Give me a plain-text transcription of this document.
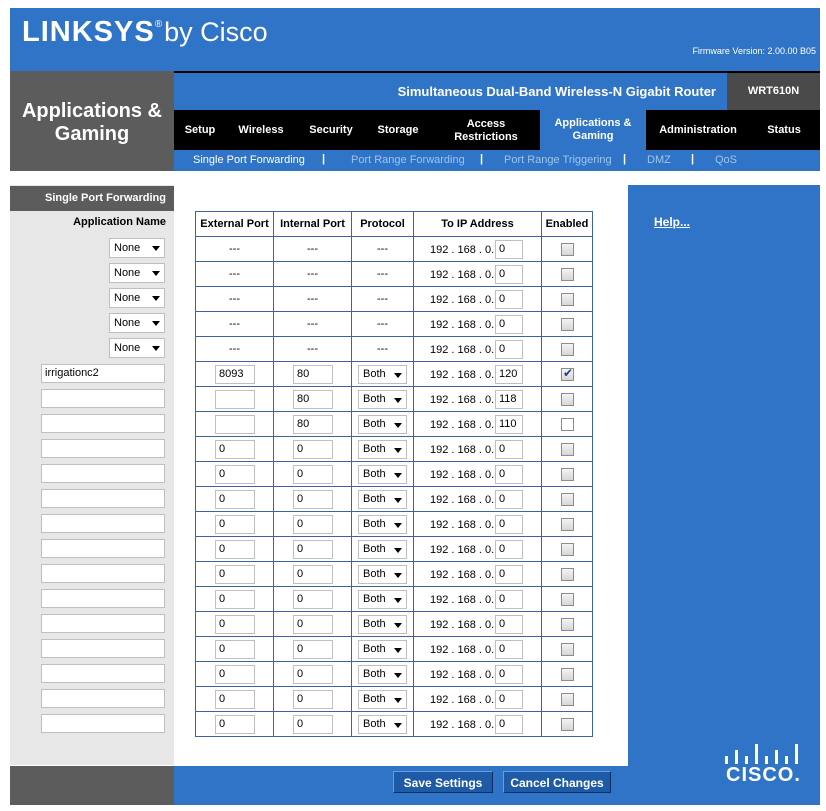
LINKSYS®by Cisco
Firmware Version: 2.00.00 B05
Applications & Gaming
Simultaneous Dual-Band Wireless-N Gigabit Router	WRT610N
Setup	Wireless	Security	Storage	Access Restrictions
Applications & Gaming
Administration	Status
Single Port Forwarding | Port Range Forwarding | Port Range Triggering | DMZ | QoS
Single Port Forwarding
Application Name
None
None
None
None
None
irrigationc2
External Port	Internal Port	Protocol	To IP Address	Enabled
---	---	---	192 . 168 . 0. 0	

---	---	---	192 . 168 . 0. 0	

---	---	---	192 . 168 . 0. 0	

---	---	---	192 . 168 . 0. 0	

---	---	---	192 . 168 . 0. 0	

8093	80	Both	192 . 168 . 0. 120	✔

	80	Both	192 . 168 . 0. 118	

	80	Both	192 . 168 . 0. 110	

0	0	Both	192 . 168 . 0. 0	

0	0	Both	192 . 168 . 0. 0	

0	0	Both	192 . 168 . 0. 0	

0	0	Both	192 . 168 . 0. 0	

0	0	Both	192 . 168 . 0. 0	

0	0	Both	192 . 168 . 0. 0	

0	0	Both	192 . 168 . 0. 0	

0	0	Both	192 . 168 . 0. 0	

0	0	Both	192 . 168 . 0. 0	

0	0	Both	192 . 168 . 0. 0	

0	0	Both	192 . 168 . 0. 0	

0	0	Both	192 . 168 . 0. 0	

Help...
CISCO.
Save Settings	Cancel Changes
